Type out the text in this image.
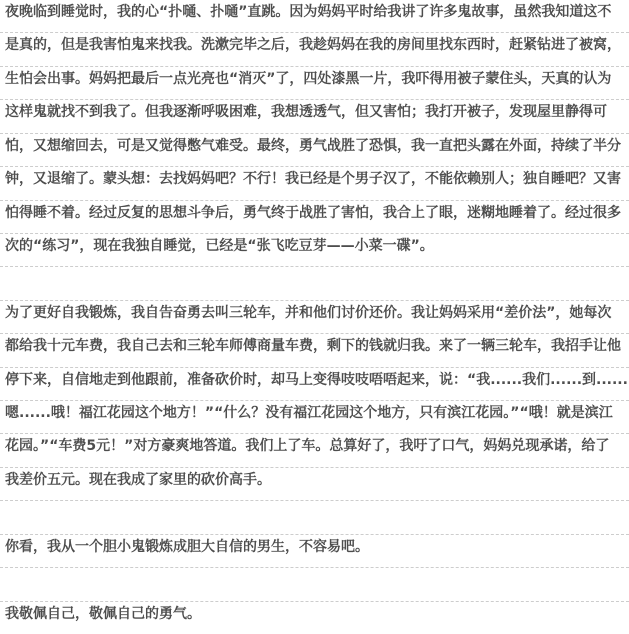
夜晚临到睡觉时，我的心“扑嗵、扑嗵”直跳。因为妈妈平时给我讲了许多鬼故事，虽然我知道这不
是真的，但是我害怕鬼来找我。洗漱完毕之后，我趁妈妈在我的房间里找东西时，赶紧钻进了被窝，
生怕会出事。妈妈把最后一点光亮也“消灭”了，四处漆黑一片，我吓得用被子蒙住头，天真的认为
这样鬼就找不到我了。但我逐渐呼吸困难，我想透透气，但又害怕；我打开被子，发现屋里静得可
怕，又想缩回去，可是又觉得憋气难受。最终，勇气战胜了恐惧，我一直把头露在外面，持续了半分
钟，又退缩了。蒙头想：去找妈妈吧？不行！我已经是个男子汉了，不能依赖别人；独自睡吧？又害
怕得睡不着。经过反复的思想斗争后，勇气终于战胜了害怕，我合上了眼，迷糊地睡着了。经过很多
次的“练习”，现在我独自睡觉，已经是“张飞吃豆芽——小菜一碟”。
为了更好自我锻炼，我自告奋勇去叫三轮车，并和他们讨价还价。我让妈妈采用“差价法”，她每次
都给我十元车费，我自己去和三轮车师傅商量车费，剩下的钱就归我。来了一辆三轮车，我招手让他
停下来，自信地走到他跟前，准备砍价时，却马上变得吱吱唔唔起来，说：“我......我们......到......
嗯......哦！福江花园这个地方！”“什么？没有福江花园这个地方，只有滨江花园。”“哦！就是滨江
花园。”“车费5元！”对方豪爽地答道。我们上了车。总算好了，我吁了口气，妈妈兑现承诺，给了
我差价五元。现在我成了家里的砍价高手。
你看，我从一个胆小鬼锻炼成胆大自信的男生，不容易吧。
我敬佩自己，敬佩自己的勇气。
